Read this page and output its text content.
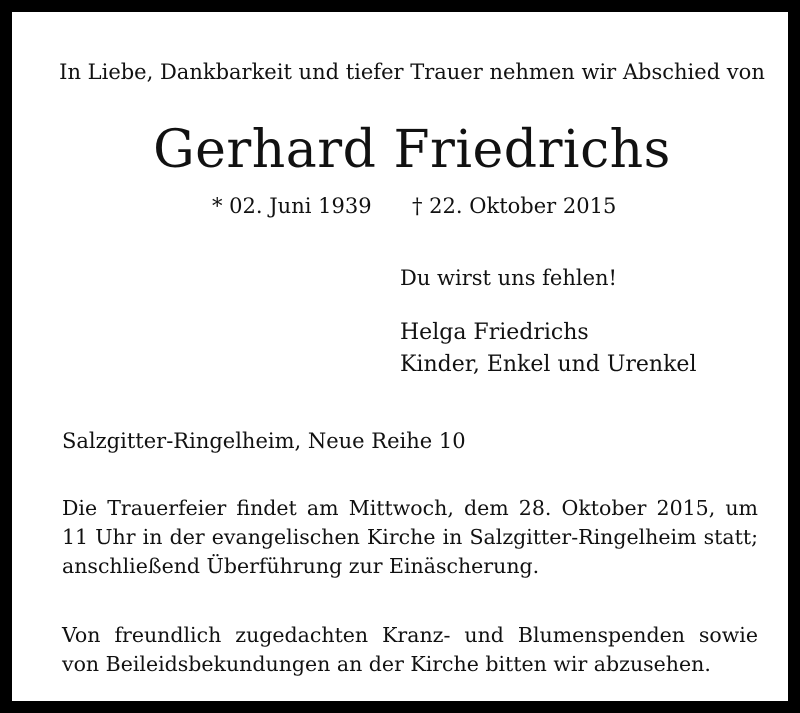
In Liebe, Dankbarkeit und tiefer Trauer nehmen wir Abschied von
Gerhard Friedrichs
* 02. Juni 1939 † 22. Oktober 2015
Du wirst uns fehlen!
Helga Friedrichs
Kinder, Enkel und Urenkel
Salzgitter-Ringelheim, Neue Reihe 10
Die Trauerfeier findet am Mittwoch, dem 28. Oktober 2015, um
11 Uhr in der evangelischen Kirche in Salzgitter-Ringelheim statt;
anschließend Überführung zur Einäscherung.
Von freundlich zugedachten Kranz- und Blumenspenden sowie
von Beileidsbekundungen an der Kirche bitten wir abzusehen.
